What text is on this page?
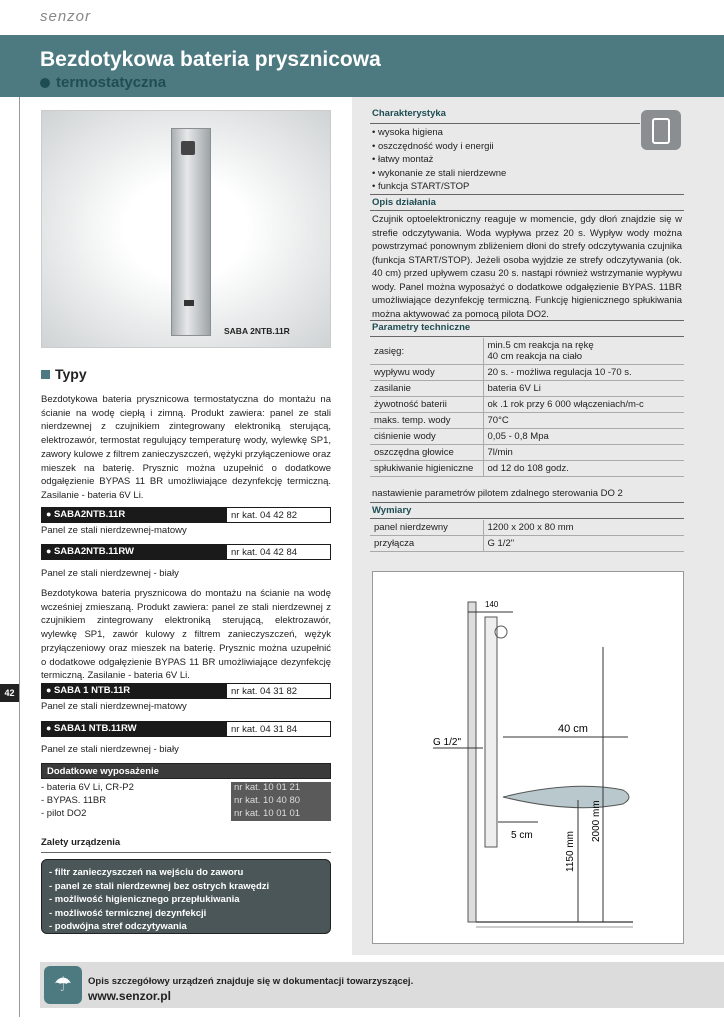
senzor
Bezdotykowa bateria prysznicowa
termostatyczna
42
SABA 2NTB.11R
Typy
Bezdotykowa bateria prysznicowa termostatyczna do montażu na ścianie na wodę ciepłą i zimną. Produkt zawiera: panel ze stali nierdzewnej z czujnikiem zintegrowany elektroniką sterującą, elektrozawór, termostat regulujący temperaturę wody, wylewkę SP1, zawory kulowe z filtrem zanieczyszczeń, wężyki przyłączeniowe oraz mieszek na baterię. Prysznic można uzupełnić o dodatkowe odgałęzienie BYPAS 11 BR umożliwiające dezynfekcję termiczną. Zasilanie - bateria 6V Li.
● SABA2NTB.11R	nr kat. 04 42 82
Panel ze stali nierdzewnej-matowy
● SABA2NTB.11RW	nr kat. 04 42 84
Panel ze stali nierdzewnej - biały
Bezdotykowa bateria prysznicowa do montażu na ścianie na wodę wcześniej zmieszaną. Produkt zawiera: panel ze stali nierdzewnej z czujnikiem zintegrowany elektroniką sterującą, elektrozawór, wylewkę SP1, zawór kulowy z filtrem zanieczyszczeń, wężyk przyłączeniowy oraz mieszek na baterię. Prysznic można uzupełnić o dodatkowe odgałęzienie BYPAS 11 BR umożliwiające dezynfekcję termiczną. Zasilanie - bateria 6V Li.
● SABA 1 NTB.11R	nr kat. 04 31 82
Panel ze stali nierdzewnej-matowy
● SABA1 NTB.11RW	nr kat. 04 31 84
Panel ze stali nierdzewnej - biały
Dodatkowe wyposażenie
- bateria 6V Li, CR-P2	nr kat. 10 01 21
- BYPAS. 11BR	nr kat. 10 40 80
- pilot DO2	nr kat. 10 01 01
Zalety urządzenia
- filtr zanieczyszczeń na wejściu do zaworu
- panel ze stali nierdzewnej bez ostrych krawędzi
- możliwość higienicznego przepłukiwania
- możliwość termicznej dezynfekcji
- podwójna stref odczytywania
Charakterystyka
• wysoka higiena
• oszczędność wody i energii
• łatwy montaż
• wykonanie ze stali nierdzewne
• funkcja START/STOP
Opis działania
Czujnik optoelektroniczny reaguje w momencie, gdy dłoń znajdzie się w strefie odczytywania. Woda wypływa przez 20 s. Wypływ wody można powstrzymać ponownym zbliżeniem dłoni do strefy odczytywania czujnika (funkcja START/STOP). Jeżeli osoba wyjdzie ze strefy odczytywania (ok. 40 cm) przed upływem czasu 20 s. nastąpi również wstrzymanie wypływu wody. Panel można wyposażyć o dodatkowe odgałęzienie BYPAS. 11BR umożliwiające dezynfekcję termiczną. Funkcję higienicznego spłukiwania można aktywować za pomocą pilota DO2.
Parametry techniczne
zasięg:	min.5 cm reakcja na rękę
40 cm reakcja na ciało

wypływu wody	20 s. - możliwa regulacja 10 -70 s.
zasilanie	bateria 6V Li
żywotność baterii	ok .1 rok przy 6 000 włączeniach/m-c
maks. temp. wody	70°C
ciśnienie wody	0,05 - 0,8 Mpa
oszczędna głowice	7l/min
spłukiwanie higieniczne	od 12 do 108 godz.
nastawienie parametrów pilotem zdalnego sterowania DO 2
Wymiary
panel nierdzewny	1200 x 200 x 80 mm
przyłącza	G 1/2"
140
G 1/2"
40 cm
5 cm	1150 mm
2000 mm
☂	Opis szczegółowy urządzeń znajduje się w dokumentacji towarzyszącej.
www.senzor.pl
